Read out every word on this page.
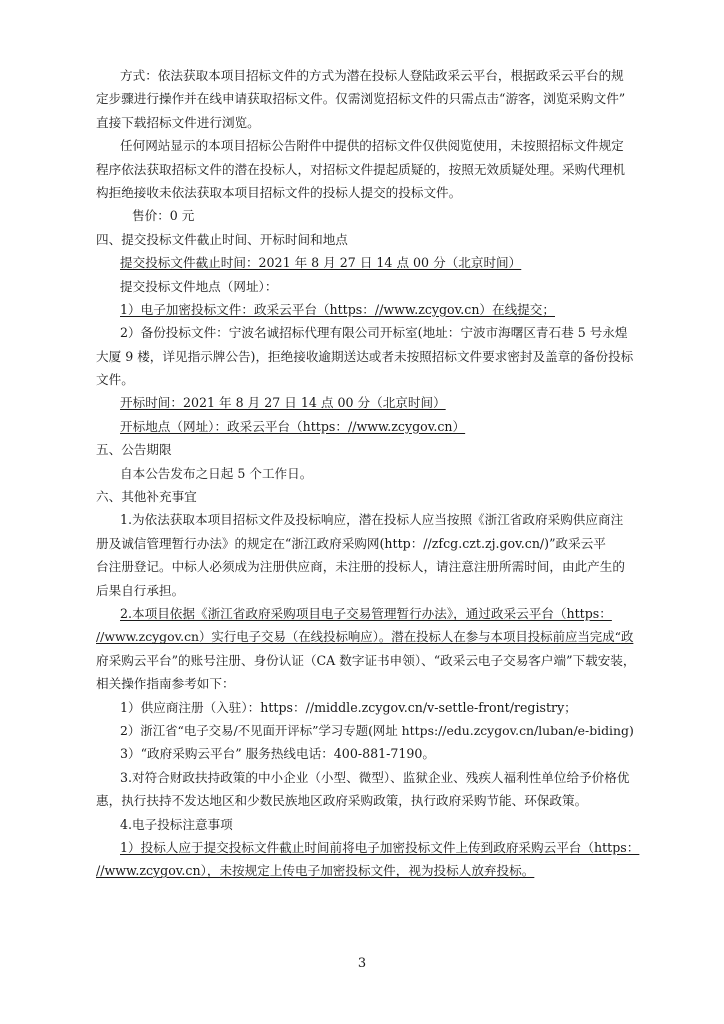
方式：依法获取本项目招标文件的方式为潜在投标人登陆政采云平台，根据政采云平台的规
定步骤进行操作并在线申请获取招标文件。仅需浏览招标文件的只需点击“游客，浏览采购文件”
直接下载招标文件进行浏览。
任何网站显示的本项目招标公告附件中提供的招标文件仅供阅览使用，未按照招标文件规定
程序依法获取招标文件的潜在投标人，对招标文件提起质疑的，按照无效质疑处理。采购代理机
构拒绝接收未依法获取本项目招标文件的投标人提交的投标文件。
售价：0 元
四、提交投标文件截止时间、开标时间和地点
提交投标文件截止时间：2021 年 8 月 27 日 14 点 00 分（北京时间）
提交投标文件地点（网址）：
1）电子加密投标文件：政采云平台（https：//www.zcygov.cn）在线提交；
2）备份投标文件：宁波名诚招标代理有限公司开标室(地址：宁波市海曙区青石巷 5 号永煌
大厦 9 楼，详见指示牌公告)，拒绝接收逾期送达或者未按照招标文件要求密封及盖章的备份投标
文件。
开标时间：2021 年 8 月 27 日 14 点 00 分（北京时间）
开标地点（网址）：政采云平台（https：//www.zcygov.cn）
五、公告期限
自本公告发布之日起 5 个工作日。
六、其他补充事宜
1.为依法获取本项目招标文件及投标响应，潜在投标人应当按照《浙江省政府采购供应商注
册及诚信管理暂行办法》的规定在“浙江政府采购网(http：//zfcg.czt.zj.gov.cn/)”政采云平
台注册登记。中标人必须成为注册供应商，未注册的投标人，请注意注册所需时间，由此产生的
后果自行承担。
2.本项目依据《浙江省政府采购项目电子交易管理暂行办法》，通过政采云平台（https：
//www.zcygov.cn）实行电子交易（在线投标响应）。潜在投标人在参与本项目投标前应当完成“政
府采购云平台”的账号注册、身份认证（CA 数字证书申领）、“政采云电子交易客户端”下载安装，
相关操作指南参考如下：
1）供应商注册（入驻）：https：//middle.zcygov.cn/v-settle-front/registry；
2）浙江省“电子交易/不见面开评标”学习专题(网址 https://edu.zcygov.cn/luban/e-biding)
3）“政府采购云平台” 服务热线电话：400-881-7190。
3.对符合财政扶持政策的中小企业（小型、微型）、监狱企业、残疾人福利性单位给予价格优
惠，执行扶持不发达地区和少数民族地区政府采购政策，执行政府采购节能、环保政策。
4.电子投标注意事项
1）投标人应于提交投标文件截止时间前将电子加密投标文件上传到政府采购云平台（https：
//www.zcygov.cn），未按规定上传电子加密投标文件，视为投标人放弃投标。
3
